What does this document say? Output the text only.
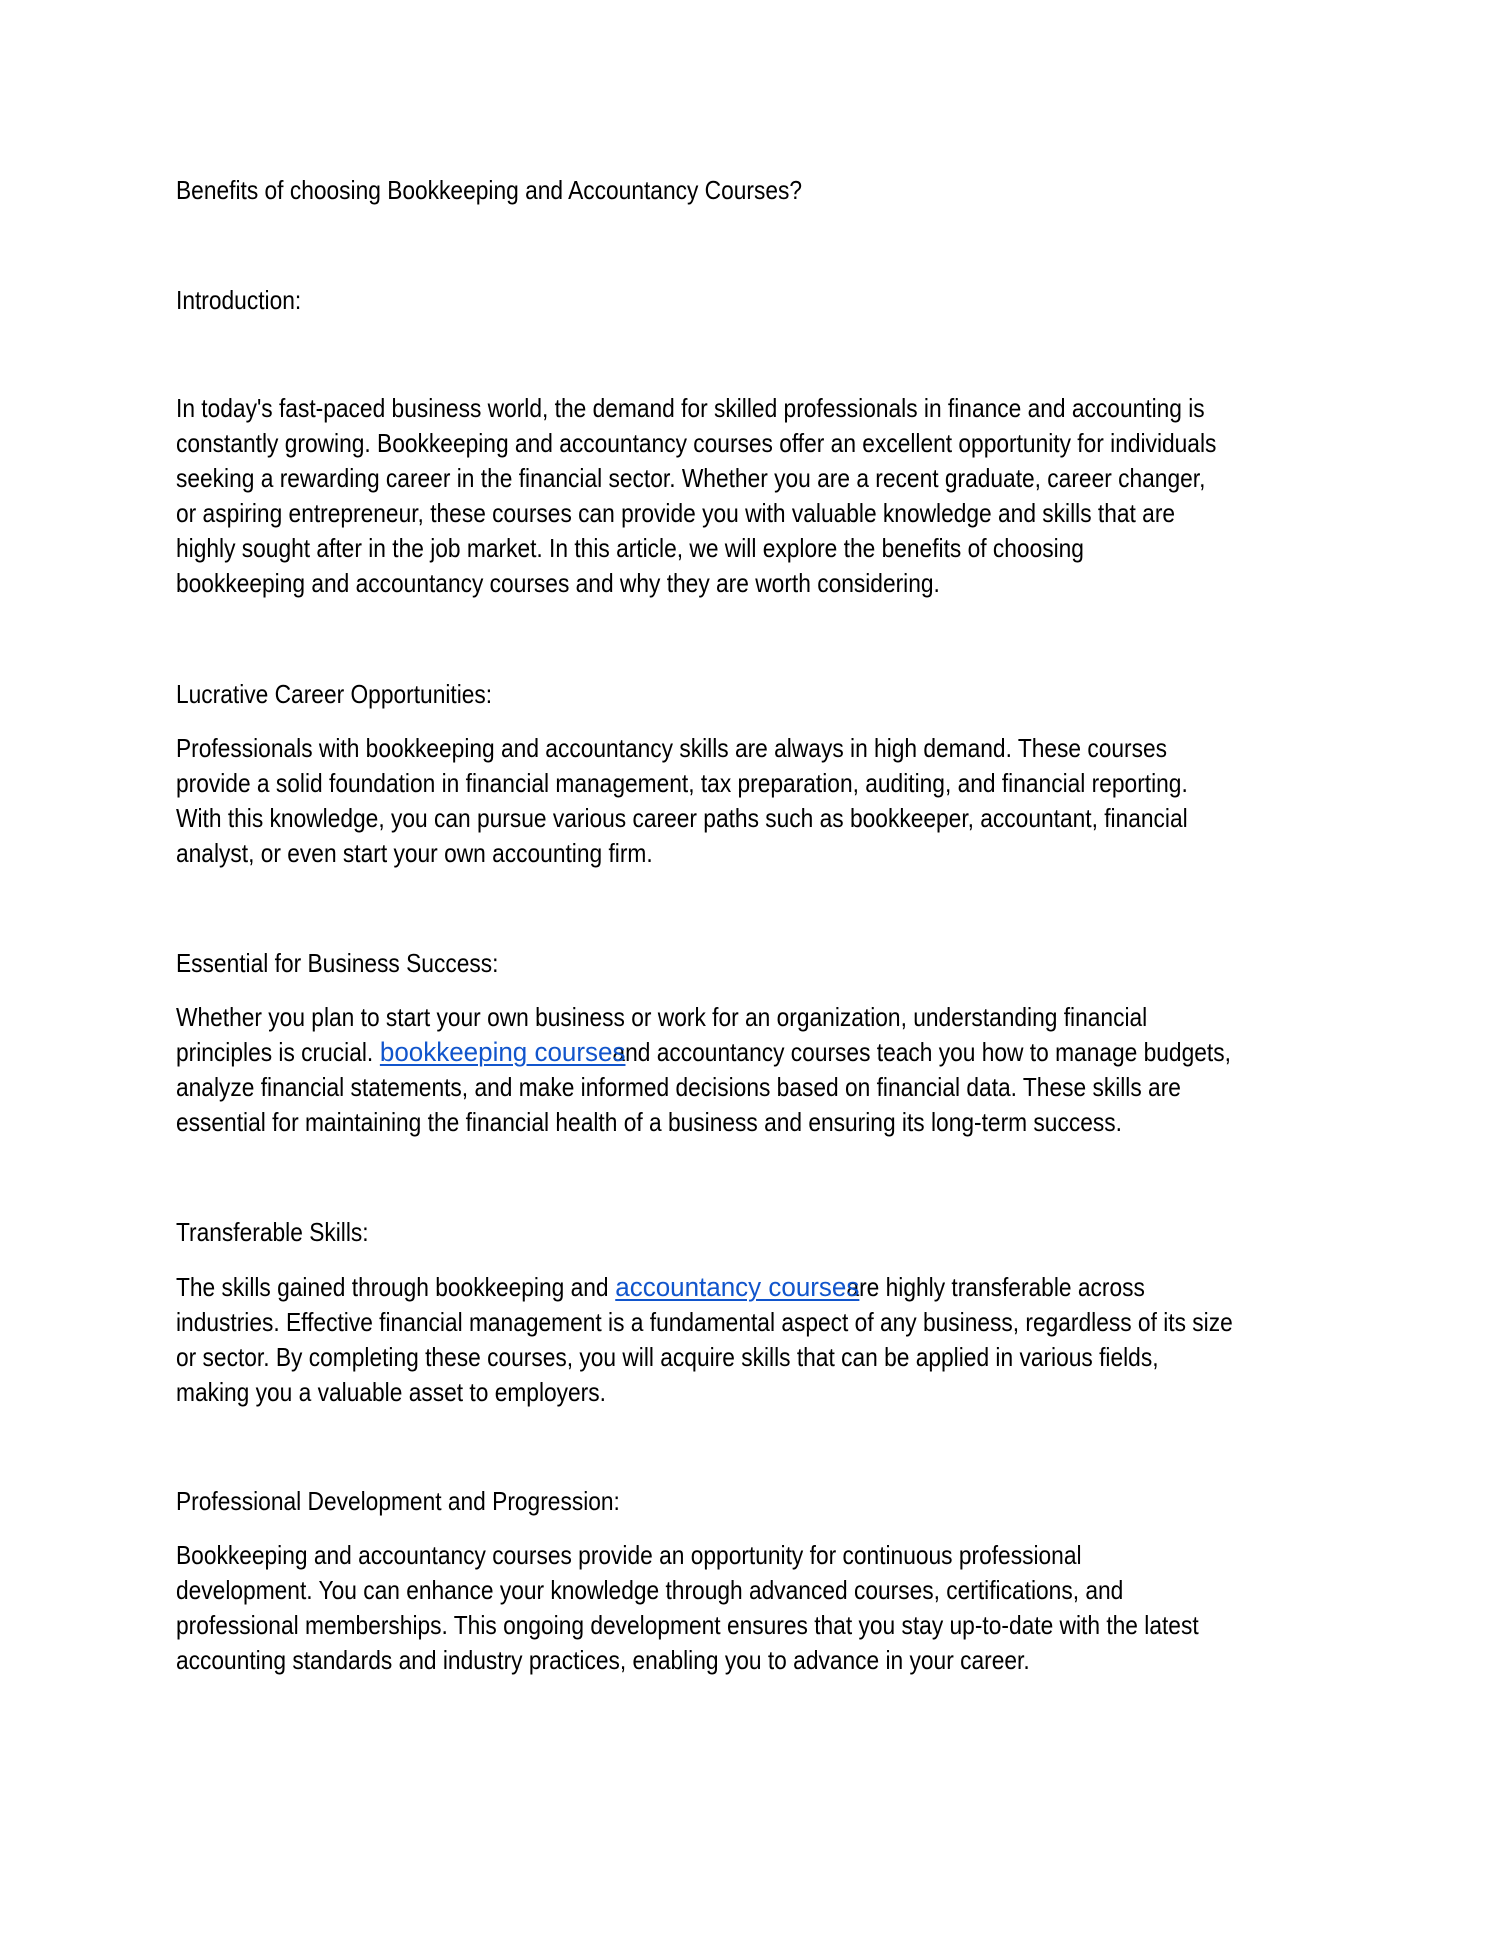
Benefits of choosing Bookkeeping and Accountancy Courses?
Introduction:
In today's fast-paced business world, the demand for skilled professionals in finance and accounting is
constantly growing. Bookkeeping and accountancy courses offer an excellent opportunity for individuals
seeking a rewarding career in the financial sector. Whether you are a recent graduate, career changer,
or aspiring entrepreneur, these courses can provide you with valuable knowledge and skills that are
highly sought after in the job market. In this article, we will explore the benefits of choosing
bookkeeping and accountancy courses and why they are worth considering.
Lucrative Career Opportunities:
Professionals with bookkeeping and accountancy skills are always in high demand. These courses
provide a solid foundation in financial management, tax preparation, auditing, and financial reporting.
With this knowledge, you can pursue various career paths such as bookkeeper, accountant, financial
analyst, or even start your own accounting firm.
Essential for Business Success:
Whether you plan to start your own business or work for an organization, understanding financial
principles is crucial. bookkeeping coursesand accountancy courses teach you how to manage budgets,
analyze financial statements, and make informed decisions based on financial data. These skills are
essential for maintaining the financial health of a business and ensuring its long-term success.
Transferable Skills:
The skills gained through bookkeeping and accountancy coursesare highly transferable across
industries. Effective financial management is a fundamental aspect of any business, regardless of its size
or sector. By completing these courses, you will acquire skills that can be applied in various fields,
making you a valuable asset to employers.
Professional Development and Progression:
Bookkeeping and accountancy courses provide an opportunity for continuous professional
development. You can enhance your knowledge through advanced courses, certifications, and
professional memberships. This ongoing development ensures that you stay up-to-date with the latest
accounting standards and industry practices, enabling you to advance in your career.
